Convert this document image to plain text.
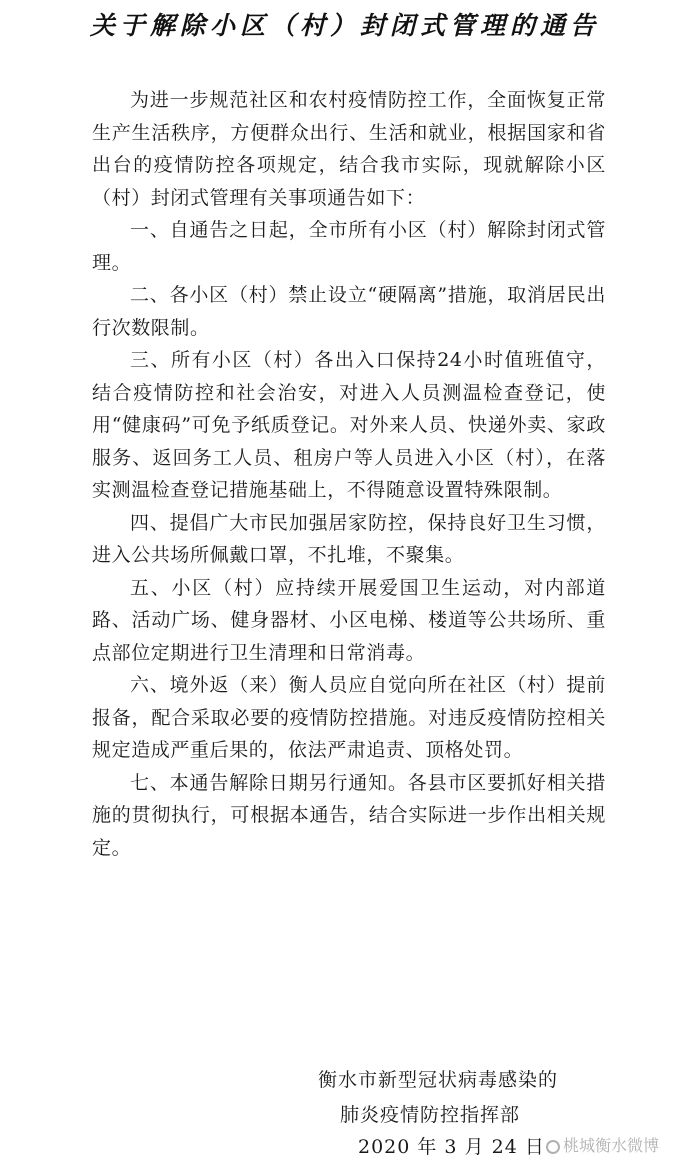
关于解除小区（村）封闭式管理的通告

为进一步规范社区和农村疫情防控工作，全面恢复正常生产生活秩序，方便群众出行、生活和就业，根据国家和省出台的疫情防控各项规定，结合我市实际，现就解除小区（村）封闭式管理有关事项通告如下：

一、自通告之日起，全市所有小区（村）解除封闭式管理。

二、各小区（村）禁止设立“硬隔离”措施，取消居民出行次数限制。

三、所有小区（村）各出入口保持24小时值班值守，结合疫情防控和社会治安，对进入人员测温检查登记，使用“健康码”可免予纸质登记。对外来人员、快递外卖、家政服务、返回务工人员、租房户等人员进入小区（村），在落实测温检查登记措施基础上，不得随意设置特殊限制。

四、提倡广大市民加强居家防控，保持良好卫生习惯，进入公共场所佩戴口罩，不扎堆，不聚集。

五、小区（村）应持续开展爱国卫生运动，对内部道路、活动广场、健身器材、小区电梯、楼道等公共场所、重点部位定期进行卫生清理和日常消毒。

六、境外返（来）衡人员应自觉向所在社区（村）提前报备，配合采取必要的疫情防控措施。对违反疫情防控相关规定造成严重后果的，依法严肃追责、顶格处罚。

七、本通告解除日期另行通知。各县市区要抓好相关措施的贯彻执行，可根据本通告，结合实际进一步作出相关规定。

衡水市新型冠状病毒感染的
肺炎疫情防控指挥部
2020 年 3 月 24 日	桃城衡水微博
